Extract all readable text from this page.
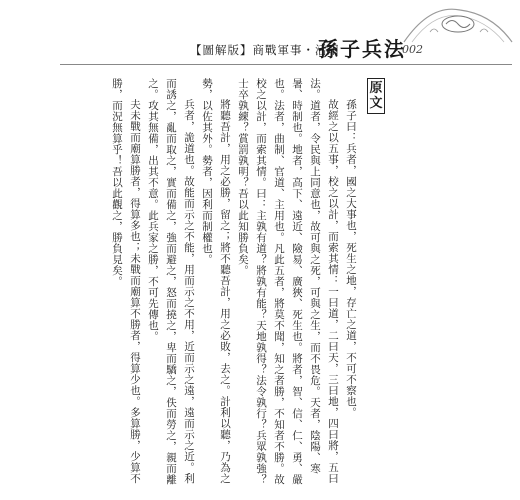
【圖解版】商戰軍事・活用
孫子兵法
002
原
文

孫子曰：兵者，國之大事也，死生之地，存亡之道，不可不察也。

故經之以五事，校之以計，而索其情：一曰道，二曰天，三曰地，四曰將，五曰法。道者，令民與上同意也，故可與之死，可與之生，而不畏危。天者，陰陽、寒暑、時制也。地者，高下、遠近、險易、廣狹、死生也。將者，智、信、仁、勇、嚴也。法者，曲制、官道、主用也。凡此五者，將莫不聞，知之者勝，不知者不勝。故校之以計，而索其情。曰：主孰有道？將孰有能？天地孰得？法令孰行？兵眾孰強？士卒孰練？賞罰孰明？吾以此知勝負矣。

將聽吾計，用之必勝，留之；將不聽吾計，用之必敗，去之。計利以聽，乃為之勢，以佐其外。勢者，因利而制權也。

兵者，詭道也。故能而示之不能，用而示之不用，近而示之遠，遠而示之近。利而誘之，亂而取之，實而備之，強而避之，怒而撓之，卑而驕之，佚而勞之，親而離之。攻其無備，出其不意。此兵家之勝，不可先傳也。

夫未戰而廟算勝者，得算多也；未戰而廟算不勝者，得算少也。多算勝，少算不勝，而況無算乎！吾以此觀之，勝負見矣。
